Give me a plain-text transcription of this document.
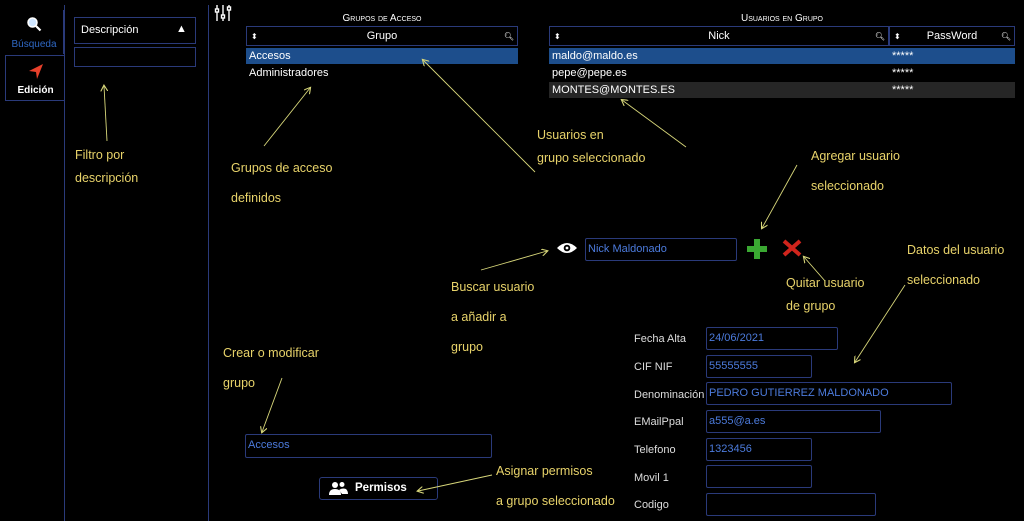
Búsqueda
Edición
Descripción	▲
Grupos de Acceso
⬍	Grupo	🔍︎
Accesos
Administradores
Usuarios en Grupo
⬍	Nick	🔍︎ ⬍ PassWord	🔍︎
maldo@maldo.es	*****
pepe@pepe.es	*****
MONTES@MONTES.ES	*****
Nick Maldonado
Fecha Alta 24/06/2021
CIF NIF	55555555
Denominación PEDRO GUTIERREZ MALDONADO
EMailPpal a555@a.es
Telefono	1323456
Movil 1
Codigo
Accesos
Permisos
Filtro por
descripción
Grupos de acceso
definidos
Usuarios en
grupo seleccionado	Agregar usuario
seleccionado
Datos del usuario
seleccionado
Buscar usuario
a añadir a
grupo
Quitar usuario
de grupo
Crear o modificar
grupo
Asignar permisos
a grupo seleccionado
